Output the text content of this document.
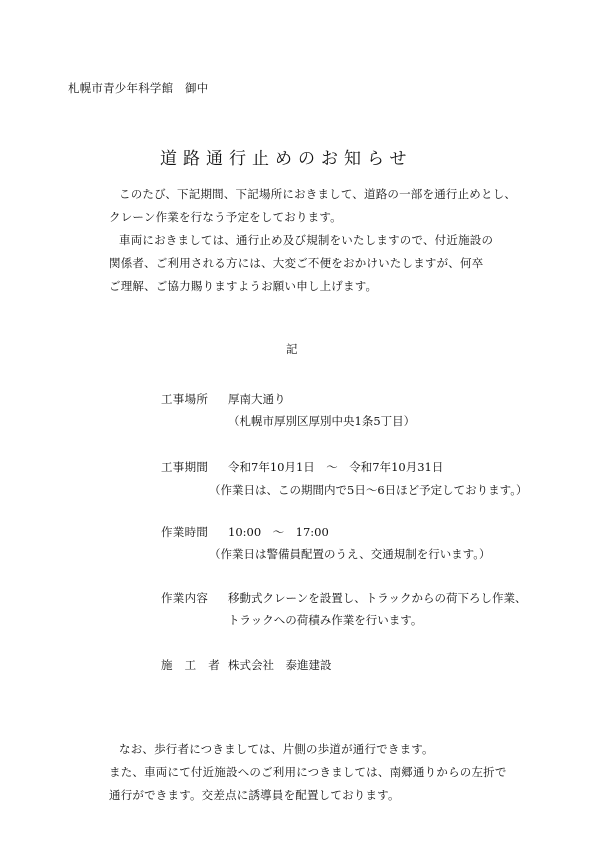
札幌市青少年科学館　御中
道路通行止めのお知らせ
このたび、下記期間、下記場所におきまして、道路の一部を通行止めとし、
クレーン作業を行なう予定をしております。
車両におきましては、通行止め及び規制をいたしますので、付近施設の
関係者、ご利用される方には、大変ご不便をおかけいたしますが、何卒
ご理解、ご協力賜りますようお願い申し上げます。
記
工事場所 厚南大通り
（札幌市厚別区厚別中央1条5丁目）
工事期間 令和7年10月1日　～　令和7年10月31日
（作業日は、この期間内で5日～6日ほど予定しております。）
作業時間 10:00　～　17:00
（作業日は警備員配置のうえ、交通規制を行います。）
作業内容 移動式クレーンを設置し、トラックからの荷下ろし作業、
トラックへの荷積み作業を行います。
施　工　者 株式会社　泰進建設
なお、歩行者につきましては、片側の歩道が通行できます。
また、車両にて付近施設へのご利用につきましては、南郷通りからの左折で
通行ができます。交差点に誘導員を配置しております。
